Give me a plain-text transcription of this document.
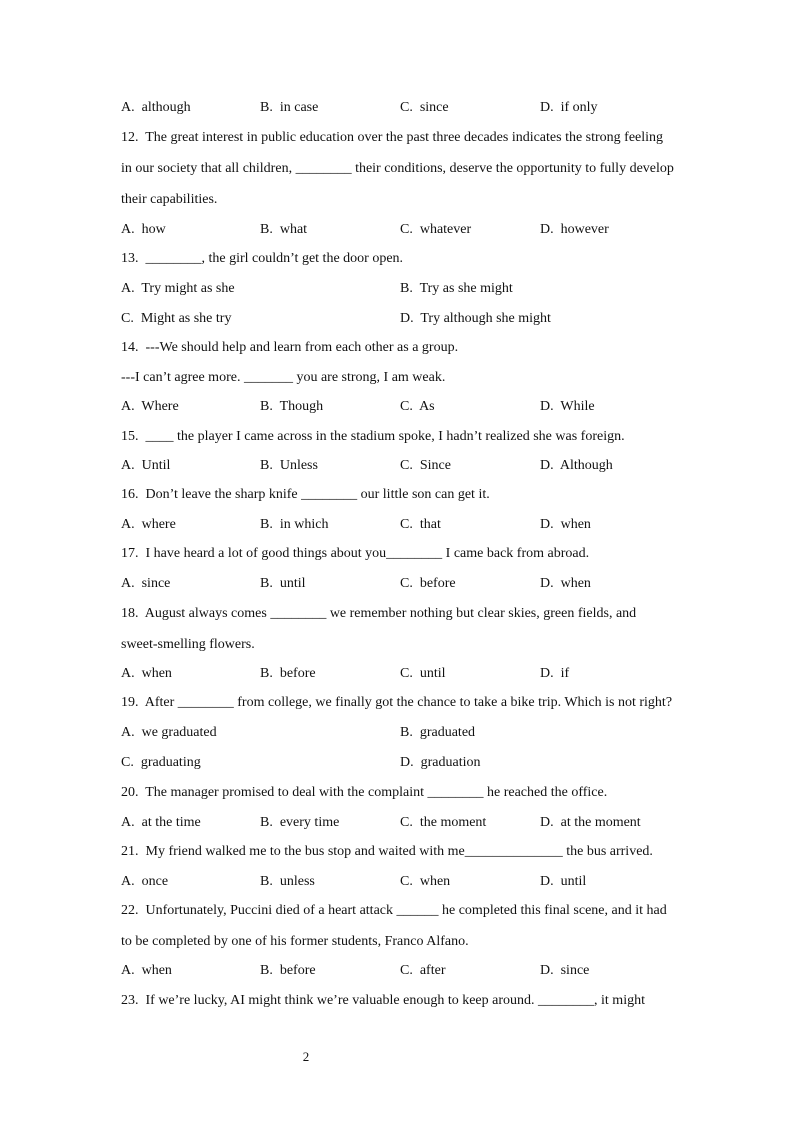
2
A.  although	B.  in case	C.  since	D.  if only
12.  The great interest in public education over the past three decades indicates the strong feeling
in our society that all children, ________ their conditions, deserve the opportunity to fully develop
their capabilities.
A.  how	B.  what	C.  whatever	D.  however
13.  ________, the girl couldn’t get the door open.
A.  Try might as she	B.  Try as she might
C.  Might as she try	D.  Try although she might
14.  ---We should help and learn from each other as a group.
---I can’t agree more. _______ you are strong, I am weak.
A.  Where	B.  Though	C.  As	D.  While
15.  ____ the player I came across in the stadium spoke, I hadn’t realized she was foreign.
A.  Until	B.  Unless	C.  Since	D.  Although
16.  Don’t leave the sharp knife ________ our little son can get it.
A.  where	B.  in which	C.  that	D.  when
17.  I have heard a lot of good things about you________ I came back from abroad.
A.  since	B.  until	C.  before	D.  when
18.  August always comes ________ we remember nothing but clear skies, green fields, and
sweet-smelling flowers.
A.  when	B.  before	C.  until	D.  if
19.  After ________ from college, we finally got the chance to take a bike trip. Which is not right?
A.  we graduated	B.  graduated
C.  graduating	D.  graduation
20.  The manager promised to deal with the complaint ________ he reached the office.
A.  at the time	B.  every time	C.  the moment	D.  at the moment
21.  My friend walked me to the bus stop and waited with me______________ the bus arrived.
A.  once	B.  unless	C.  when	D.  until
22.  Unfortunately, Puccini died of a heart attack ______ he completed this final scene, and it had
to be completed by one of his former students, Franco Alfano.
A.  when	B.  before	C.  after	D.  since
23.  If we’re lucky, AI might think we’re valuable enough to keep around. ________, it might
